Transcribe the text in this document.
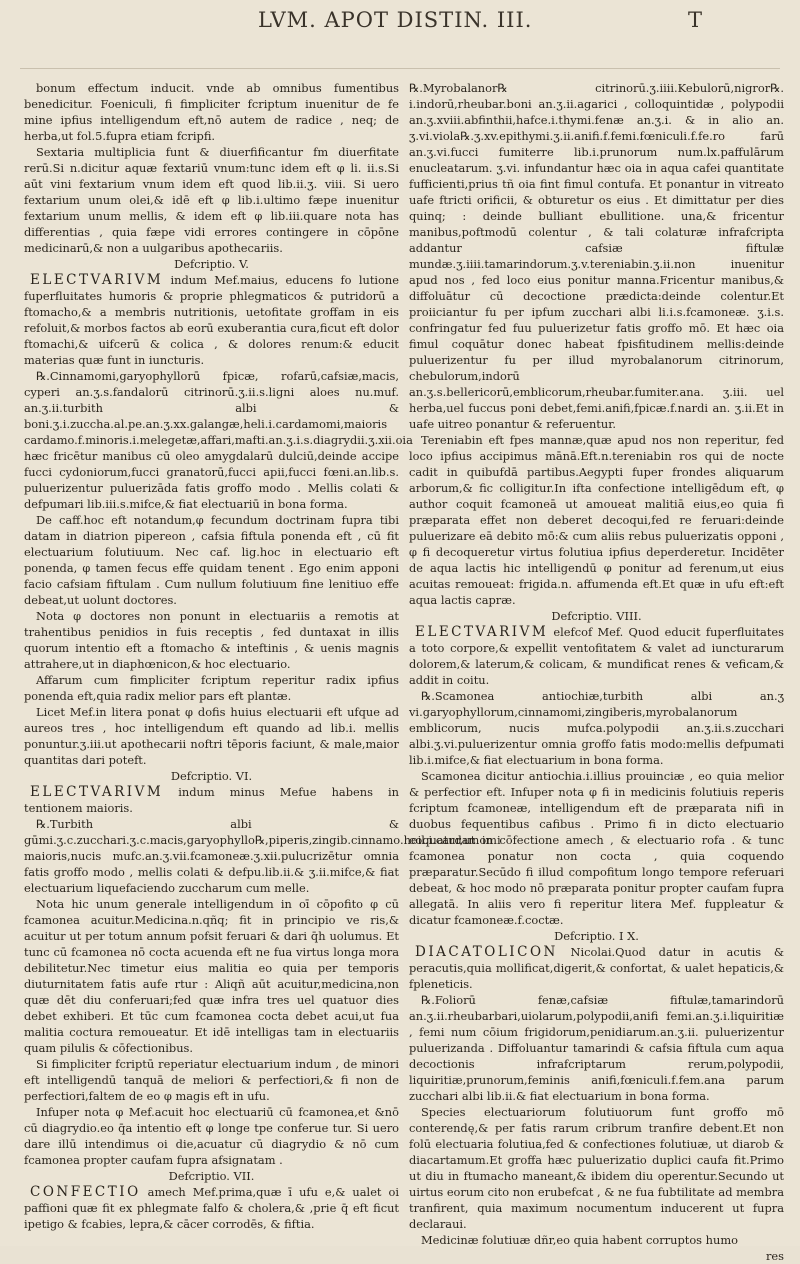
LVM. APOT DISTIN. III.	T

bonum effectum inducit. vnde ab omnibus fumentibus benedicitur. Foeniculi, fi fimpliciter fcriptum inuenitur de fe mine ipfius intelligendum eft,nō autem de radice , neq; de herba,ut fol.5.fupra etiam fcripfi.

Sextaria multiplicia funt & diuerfificantur fm diuerfitate rerū.Si n.dicitur aquæ fextariū vnum:tunc idem eft φ li. ii.s.Si aūt vini fextarium vnum idem eft quod lib.ii.ʒ. viii. Si uero fextarium unum olei,& idē eft φ lib.i.ultimo fæpe inuenitur fextarium unum mellis, & idem eft φ lib.iii.quare nota has differentias , quia fæpe vidi errores contingere in cōpōne medicinarū,& non a uulgaribus apothecariis.

Defcriptio. V.

ELECTVARIVM indum Mef.maius, educens fo lutione fuperfluitates humoris & proprie phlegmaticos & putridorū a ftomacho,& a membris nutritionis, uetofitate groffam in eis refoluit,& morbos factos ab eorū exuberantia cura,ficut eft dolor ftomachi,& uifcerū & colica , & dolores renum:& educit materias quæ funt in iuncturis.

℞.Cinnamomi,garyophyllorū fpicæ, rofarū,cafsiæ,macis, cyperi an.ʒ.s.fandalorū citrinorū.ʒ.ii.s.ligni aloes nu.muf. an.ʒ.ii.turbith albi & boni.ʒ.i.zuccha.al.pe.an.ʒ.xx.galangæ,heli.i.cardamomi,maioris cardamo.f.minoris.i.melegetæ,affari,mafti.an.ʒ.i.s.diagrydii.ʒ.xii.oia hæc fricētur manibus cū oleo amygdalarū dulciū,deinde accipe fucci cydoniorum,fucci granatorū,fucci apii,fucci fœni.an.lib.s. puluerizentur puluerizāda fatis groffo modo . Mellis colati & defpumari lib.iii.s.mifce,& fiat electuariū in bona forma.

De caff.hoc eft notandum,φ fecundum doctrinam fupra tibi datam in diatrion pipereon , cafsia fiftula ponenda eft , cū fit electuarium folutiuum. Nec caf. lig.hoc in electuario eft ponenda, φ tamen fecus effe quidam tenent . Ego enim apponi facio cafsiam fiftulam . Cum nullum folutiuum fine lenitiuo effe debeat,ut uolunt doctores.

Nota φ doctores non ponunt in electuariis a remotis at trahentibus penidios in fuis receptis , fed duntaxat in illis quorum intentio eft a ftomacho & inteftinis , & uenis magnis attrahere,ut in diaphœnicon,& hoc electuario.

Affarum cum fimpliciter fcriptum reperitur radix ipfius ponenda eft,quia radix melior pars eft plantæ.

Licet Mef.in litera ponat φ dofis huius electuarii eft ufque ad aureos tres , hoc intelligendum eft quando ad lib.i. mellis ponuntur.ʒ.iii.ut apothecarii noftri tēporis faciunt, & male,maior quantitas dari poteft.

Defcriptio. VI.

ELECTVARIVM indum minus Mefue habens in tentionem maioris.

℞.Turbith albi & gūmi.ʒ.c.zucchari.ʒ.c.macis,garyophyllo℞,piperis,zingib.cinnamo.heil.i.cardamomi maioris,nucis mufc.an.ʒ.vii.fcamoneæ.ʒ.xii.pulucrizētur omnia fatis groffo modo , mellis colati & defpu.lib.ii.& ʒ.ii.mifce,& fiat electuarium liquefaciendo zuccharum cum melle.

Nota hic unum generale intelligendum in oī cōpofito φ cū fcamonea acuitur.Medicina.n.qñq; fit in principio ve ris,& acuitur ut per totum annum pofsit feruari & dari q̄h uolumus. Et tunc cū fcamonea nō cocta acuenda eft ne fua virtus longa mora debilitetur.Nec timetur eius malitia eo quia per temporis diuturnitatem fatis aufe rtur : Aliqñ aūt acuitur,medicina,non quæ dēt diu conferuari;fed quæ infra tres uel quatuor dies debet exhiberi. Et tūc cum fcamonea cocta debet acui,ut fua malitia coctura remoueatur. Et idē intelligas tam in electuariis quam pilulis & cōfectionibus.

Si fimpliciter fcriptū reperiatur electuarium indum , de minori eft intelligendū tanquā de meliori & perfectiori,& fi non de perfectiori,faltem de eo φ magis eft in ufu.

Infuper nota φ Mef.acuit hoc electuariū cū fcamonea,et &nō cū diagrydio.eo q̄a intentio eft φ longe tpe conferue tur. Si uero dare illū intendimus oi die,acuatur cū diagrydio & nō cum fcamonea propter caufam fupra afsignatam .

Defcriptio. VII.

CONFECTIO amech Mef.prima,quæ ī ufu e,& ualet oi paffioni quæ fit ex phlegmate falfo & cholera,& ,prie q̄ eft ficut ipetigo & fcabies, lepra,& cācer corrodēs, & fiftia.

℞.Myrobalanor℞ citrinorū.ʒ.iiii.Kebulorū,nigror℞. i.indorū,rheubar.boni an.ʒ.ii.agarici , colloquintidæ , polypodii an.ʒ.xviii.abfinthii,hafce.i.thymi.fenæ an.ʒ.i. & in alio an. ʒ.vi.viola℞.ʒ.xv.epithymi.ʒ.ii.anifi.f.femi.fœniculi.f.fe.ro farū an.ʒ.vi.fucci fumiterre lib.i.prunorum num.lx.paffulārum enucleatarum. ʒ.vi. infundantur hæc oia in aqua cafei quantitate fufficienti,prius tñ oia fint fimul contufa. Et ponantur in vitreato uafe ftricti orificii, & obturetur os eius . Et dimittatur per dies quinq; : deinde bulliant ebullitione. una,& fricentur manibus,poftmodū colentur , & tali colaturæ infrafcripta addantur cafsiæ fiftulæ mundæ.ʒ.iiii.tamarindorum.ʒ.v.tereniabin.ʒ.ii.non inuenitur apud nos , fed loco eius ponitur manna.Fricentur manibus,& diffoluātur cū decoctione prædicta:deinde colentur.Et proiiciantur fu per ipfum zucchari albi li.i.s.fcamoneæ. ʒ.i.s. confringatur fed fuu puluerizetur fatis groffo mō. Et hæc oia fimul coquātur donec habeat fpisfitudinem mellis:deinde puluerizentur fu per illud myrobalanorum citrinorum, chebulorum,indorū an.ʒ.s.bellericorū,emblicorum,rheubar.fumiter.ana. ʒ.iii. uel herba,uel fuccus poni debet,femi.anifi,fpicæ.f.nardi an. ʒ.ii.Et in uafe uitreo ponantur & referuentur.

Tereniabin eft fpes mannæ,quæ apud nos non reperitur, fed loco ipfius accipimus mānā.Eft.n.tereniabin ros qui de nocte cadit in quibufdā partibus.Aegypti fuper frondes aliquarum arborum,& fic colligitur.In ifta confectione intelligēdum eft, φ author coquit fcamoneā ut amoueat malitiā eius,eo quia fi præparata effet non deberet decoqui,fed re feruari:deinde puluerizare eā debito mō:& cum aliis rebus puluerizatis opponi , φ fi decoqueretur virtus folutiua ipfius deperderetur. Incidēter de aqua lactis hic intelligendū φ ponitur ad ferenum,ut eius acuitas remoueat: frigida.n. affumenda eft.Et quæ in ufu eft:eft aqua lactis capræ.

Defcriptio. VIII.

ELECTVARIVM elefcof Mef. Quod educit fuperfluitates a toto corpore,& expellit ventofitatem & valet ad iuncturarum dolorem,& laterum,& colicam, & mundificat renes & veficam,& addit in coitu.

℞.Scamonea antiochiæ,turbith albi an.ʒ vi.garyophyllorum,cinnamomi,zingiberis,myrobalanorum emblicorum, nucis mufca.polypodii an.ʒ.ii.s.zucchari albi.ʒ.vi.puluerizentur omnia groffo fatis modo:mellis defpumati lib.i.mifce,& fiat electuarium in bona forma.

Scamonea dicitur antiochia.i.illius prouinciæ , eo quia melior & perfectior eft. Infuper nota φ fi in medicinis folutiuis reperis fcriptum fcamoneæ, intelligendum eft de præparata nifi in duobus fequentibus cafibus . Primo fi in dicto electuario coquatur,ut in cōfectione amech , & electuario rofa . & tunc fcamonea ponatur non cocta , quia coquendo præparatur.Secūdo fi illud compofitum longo tempore referuari debeat, & hoc modo nō præparata ponitur propter caufam fupra allegatā. In aliis vero fi reperitur litera Mef. fuppleatur & dicatur fcamoneæ.f.coctæ.

Defcriptio. I X.

DIACATOLICON Nicolai.Quod datur in acutis & peracutis,quia mollificat,digerit,& confortat, & ualet hepaticis,& fpleneticis.

℞.Foliorū fenæ,cafsiæ fiftulæ,tamarindorū an.ʒ.ii.rheubarbari,uiolarum,polypodii,anifi femi.an.ʒ.i.liquiritiæ , femi num cōium frigidorum,penidiarum.an.ʒ.ii. puluerizentur puluerizanda . Diffoluantur tamarindi & cafsia fiftula cum aqua decoctionis infrafcriptarum rerum,polypodii, liquiritiæ,prunorum,feminis anifi,fœniculi.f.fem.ana parum zucchari albi lib.ii.& fiat electuarium in bona forma.

Species electuariorum folutiuorum funt groffo mō conterendę,& per fatis rarum cribrum tranfire debent.Et non folū electuaria folutiua,fed & confectiones folutiuæ, ut diarob & diacartamum.Et groffa hæc puluerizatio duplici caufa fit.Primo ut diu in ftumacho maneant,& ibidem diu operentur.Secundo ut uirtus eorum cito non erubefcat , & ne fua fubtilitate ad membra tranfirent, quia maximum nocumentum inducerent ut fupra declaraui.

Medicinæ folutiuæ dñr,eo quia habent corruptos humo

res
